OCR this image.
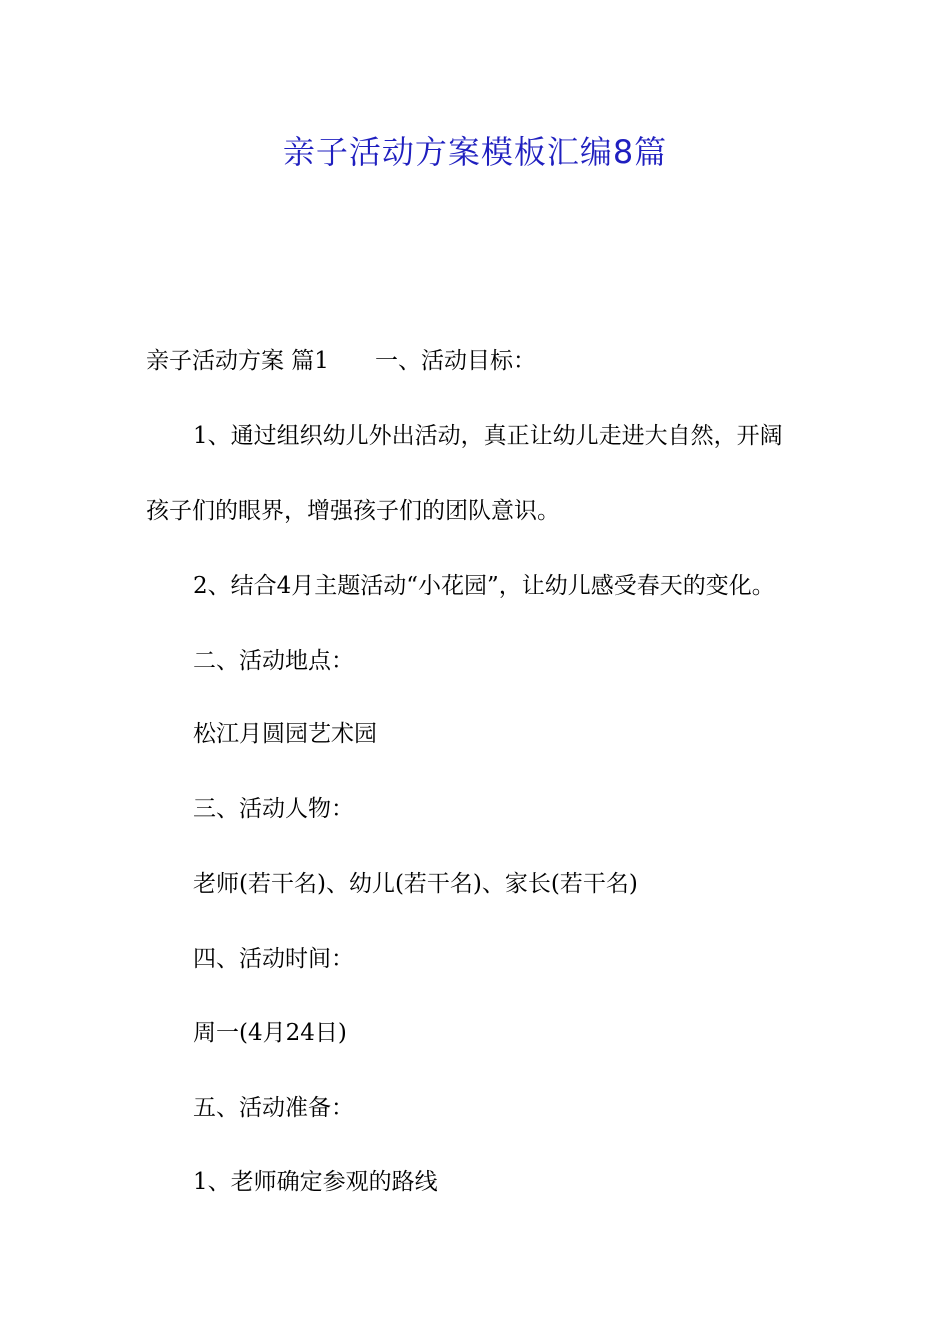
亲子活动方案模板汇编8篇

亲子活动方案 篇1 一、活动目标：

1、通过组织幼儿外出活动，真正让幼儿走进大自然，开阔

孩子们的眼界，增强孩子们的团队意识。

2、结合4月主题活动“小花园”，让幼儿感受春天的变化。

二、活动地点：

松江月圆园艺术园

三、活动人物：

老师(若干名)、幼儿(若干名)、家长(若干名)

四、活动时间：

周一(4月24日)

五、活动准备：

1、老师确定参观的路线
